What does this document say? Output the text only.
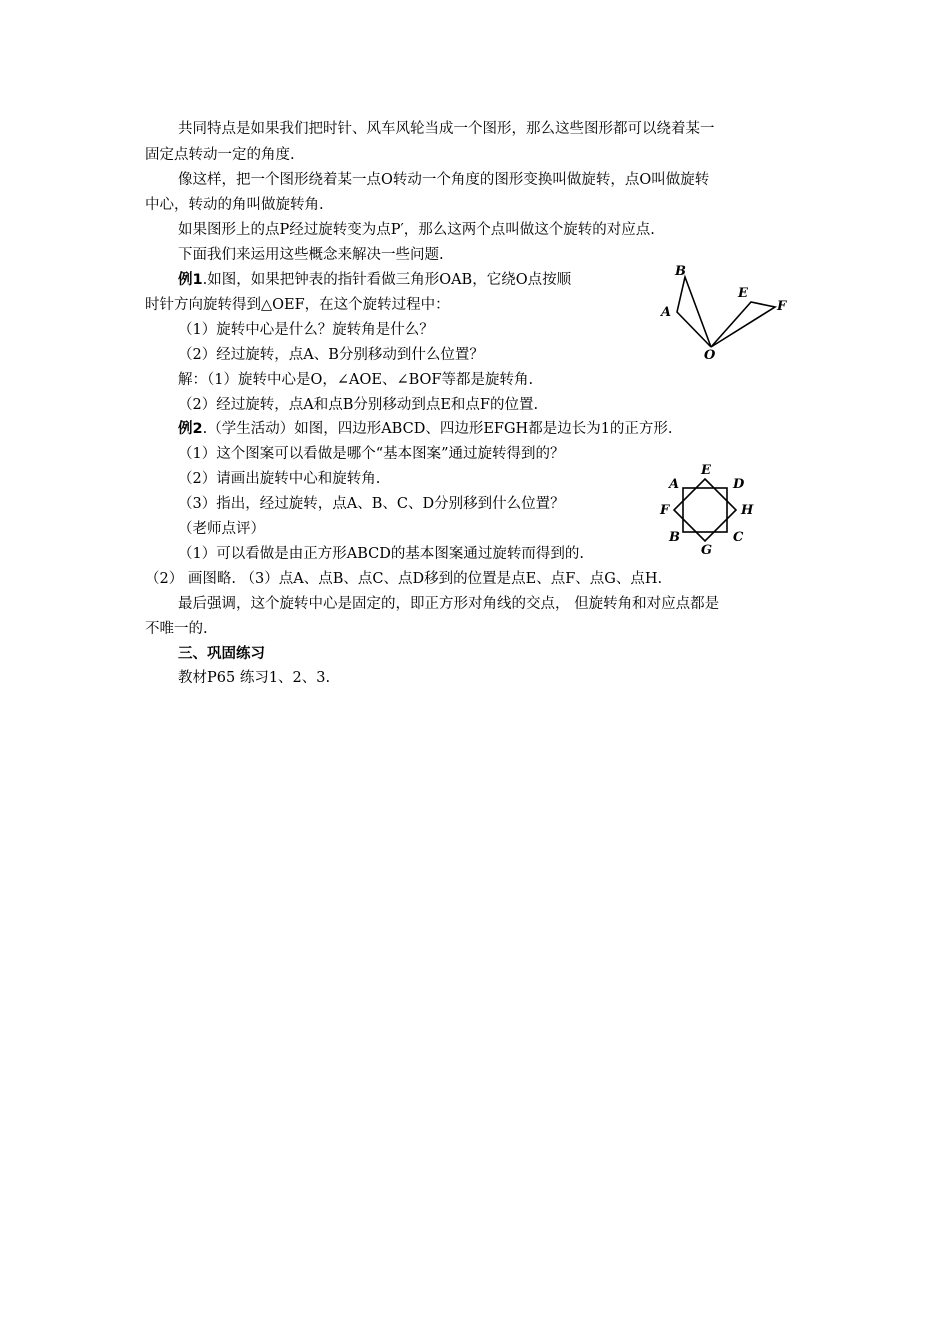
共同特点是如果我们把时针、风车风轮当成一个图形，那么这些图形都可以绕着某一
固定点转动一定的角度.
像这样，把一个图形绕着某一点O转动一个角度的图形变换叫做旋转，点O叫做旋转
中心，转动的角叫做旋转角.
如果图形上的点P经过旋转变为点P′，那么这两个点叫做这个旋转的对应点.
下面我们来运用这些概念来解决一些问题.
例1.如图，如果把钟表的指针看做三角形OAB，它绕O点按顺
时针方向旋转得到△OEF，在这个旋转过程中：
（1）旋转中心是什么？旋转角是什么？
（2）经过旋转，点A、B分别移动到什么位置？
解：（1）旋转中心是O，∠AOE、∠BOF等都是旋转角.
（2）经过旋转，点A和点B分别移动到点E和点F的位置.
例2.（学生活动）如图，四边形ABCD、四边形EFGH都是边长为1的正方形.
（1）这个图案可以看做是哪个“基本图案”通过旋转得到的？
（2）请画出旋转中心和旋转角.
（3）指出，经过旋转，点A、B、C、D分别移到什么位置？
（老师点评）
（1）可以看做是由正方形ABCD的基本图案通过旋转而得到的.
（2） 画图略. （3）点A、点B、点C、点D移到的位置是点E、点F、点G、点H.
最后强调，这个旋转中心是固定的，即正方形对角线的交点， 但旋转角和对应点都是
不唯一的.
三、巩固练习
教材P65 练习1、2、3.
B
A
E
F
O
A
E
D
F	H
B
G
C
